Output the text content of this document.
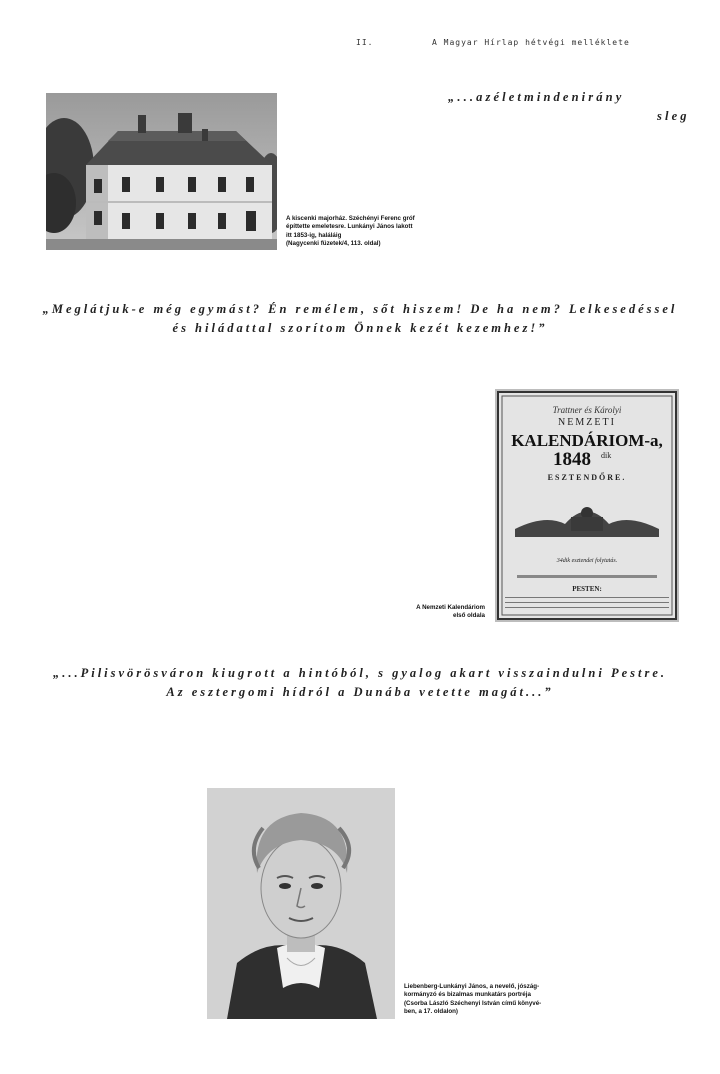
II.	A Magyar Hírlap hétvégi melléklete
„ . . . a z é l e t m i n d e n i r á n y
s l e g
A kiscenki majorház. Széchényi Ferenc gróf
építtette emeletesre. Lunkányi János lakott
itt 1853-ig, haláláig
(Nagycenki füzetek/4, 113. oldal)
„Meglátjuk-e még egymást? Én remélem, sőt hiszem! De ha nem? Lelkesedéssel
és hiládattal szorítom Önnek kezét kezemhez!”
Trattner és Károlyi
NEMZETI
KALENDÁRIOM-a,
1848 dik
ESZTENDŐRE.
34dik esztendei folytatás.
PESTEN:
A Nemzeti Kalendáriom
első oldala
„...Pilisvörösváron kiugrott a hintóból, s gyalog akart visszaindulni Pestre.
Az esztergomi hídról a Dunába vetette magát...”
Liebenberg-Lunkányi János, a nevelő, jószág-
kormányzó és bizalmas munkatárs portréja
(Csorba László Széchenyi István című könyvé-
ben, a 17. oldalon)
